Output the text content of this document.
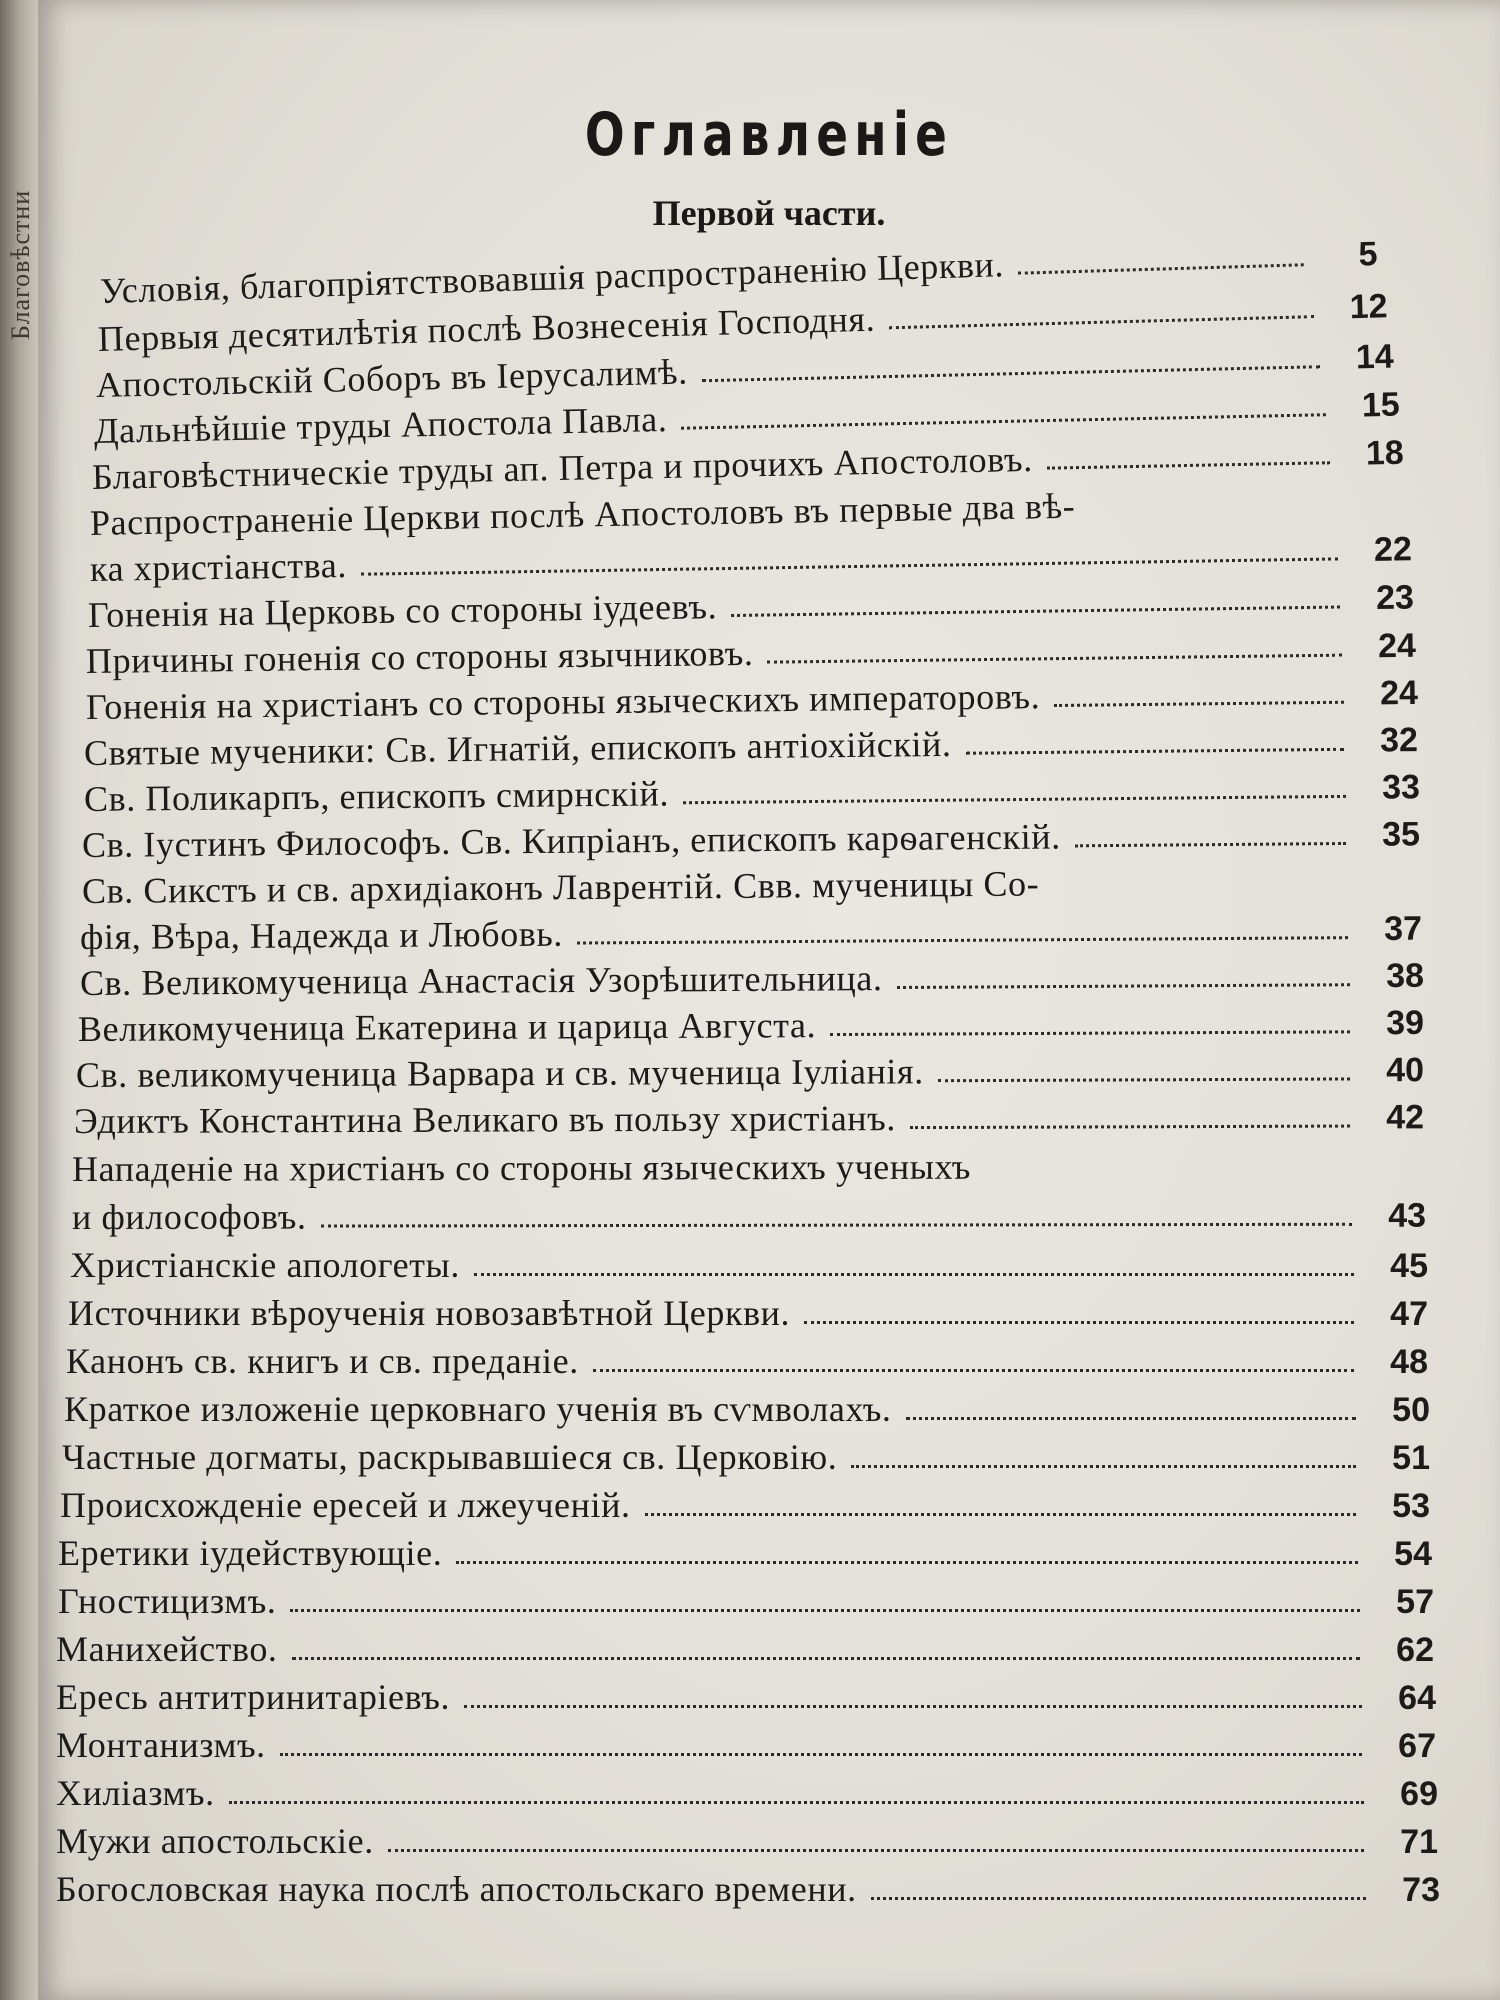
Благовѣстни
Оглавленіе
Первой части.
Условія, благопріятствовавшія распространенію Церкви.	5
Первыя десятилѣтія послѣ Вознесенія Господня.	12
Апостольскій Соборъ въ Іерусалимѣ.	14
Дальнѣйшіе труды Апостола Павла.	15
Благовѣстническіе труды ап. Петра и прочихъ Апостоловъ.	18
Распространеніе Церкви послѣ Апостоловъ въ первые два вѣ-
ка христіанства.	22
Гоненія на Церковь со стороны іудеевъ.	23
Причины гоненія со стороны язычниковъ.	24
Гоненія на христіанъ со стороны языческихъ императоровъ.	24
Святые мученики: Св. Игнатій, епископъ антіохійскій.	32
Св. Поликарпъ, епископъ смирнскій.	33
Св. Іустинъ Философъ. Св. Кипріанъ, епископъ карѳагенскій.	35
Св. Сикстъ и св. архидіаконъ Лаврентій. Свв. мученицы Со-
фія, Вѣра, Надежда и Любовь.	37
Св. Великомученица Анастасія Узорѣшительница.	38
Великомученица Екатерина и царица Августа.	39
Св. великомученица Варвара и св. мученица Іуліанія.	40
Эдиктъ Константина Великаго въ пользу христіанъ.	42
Нападеніе на христіанъ со стороны языческихъ ученыхъ
и философовъ.	43
Христіанскіе апологеты.	45
Источники вѣроученія новозавѣтной Церкви.	47
Канонъ св. книгъ и св. преданіе.	48
Краткое изложеніе церковнаго ученія въ сѵмволахъ.	50
Частные догматы, раскрывавшіеся св. Церковію.	51
Происхожденіе ересей и лжеученій.	53
Еретики іудействующіе.	54
Гностицизмъ.	57
Манихейство.	62
Ересь антитринитаріевъ.	64
Монтанизмъ.	67
Хиліазмъ.	69
Мужи апостольскіе.	71
Богословская наука послѣ апостольскаго времени.	73
